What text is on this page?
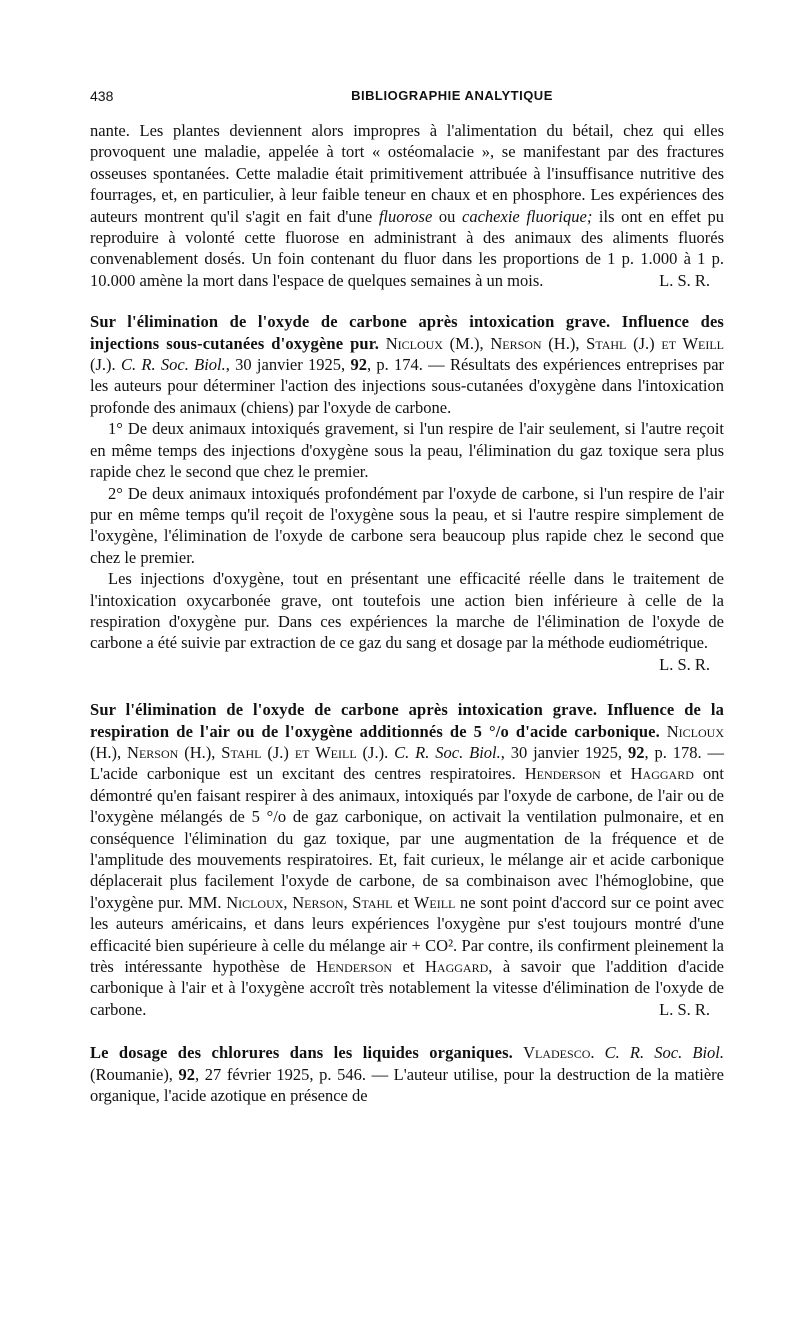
438	BIBLIOGRAPHIE ANALYTIQUE

nante. Les plantes deviennent alors impropres à l'alimentation du bétail, chez qui elles provoquent une maladie, appelée à tort « ostéomalacie », se manifestant par des fractures osseuses spontanées. Cette maladie était primitivement attribuée à l'insuffisance nutritive des fourrages, et, en particulier, à leur faible teneur en chaux et en phosphore. Les expériences des auteurs montrent qu'il s'agit en fait d'une fluorose ou cachexie fluorique; ils ont en effet pu reproduire à volonté cette fluorose en administrant à des animaux des aliments fluorés convenablement dosés. Un foin contenant du fluor dans les proportions de 1 p. 1.000 à 1 p. 10.000 amène la mort dans l'espace de quelques semaines à un mois.	L. S. R.

Sur l'élimination de l'oxyde de carbone après intoxication grave. Influence des injections sous-cutanées d'oxygène pur. Nicloux (M.), Nerson (H.), Stahl (J.) et Weill (J.). C. R. Soc. Biol., 30 janvier 1925, 92, p. 174. — Résultats des expériences entreprises par les auteurs pour déterminer l'action des injections sous-cutanées d'oxygène dans l'intoxication profonde des animaux (chiens) par l'oxyde de carbone.

1° De deux animaux intoxiqués gravement, si l'un respire de l'air seulement, si l'autre reçoit en même temps des injections d'oxygène sous la peau, l'élimination du gaz toxique sera plus rapide chez le second que chez le premier.

2° De deux animaux intoxiqués profondément par l'oxyde de carbone, si l'un respire de l'air pur en même temps qu'il reçoit de l'oxygène sous la peau, et si l'autre respire simplement de l'oxygène, l'élimination de l'oxyde de carbone sera beaucoup plus rapide chez le second que chez le premier.

Les injections d'oxygène, tout en présentant une efficacité réelle dans le traitement de l'intoxication oxycarbonée grave, ont toutefois une action bien inférieure à celle de la respiration d'oxygène pur. Dans ces expériences la marche de l'élimination de l'oxyde de carbone a été suivie par extraction de ce gaz du sang et dosage par la méthode eudiométrique.
L. S. R.

Sur l'élimination de l'oxyde de carbone après intoxication grave. Influence de la respiration de l'air ou de l'oxygène additionnés de 5 °/o d'acide carbonique. Nicloux (H.), Nerson (H.), Stahl (J.) et Weill (J.). C. R. Soc. Biol., 30 janvier 1925, 92, p. 178. — L'acide carbonique est un excitant des centres respiratoires. Henderson et Haggard ont démontré qu'en faisant respirer à des animaux, intoxiqués par l'oxyde de carbone, de l'air ou de l'oxygène mélangés de 5 °/o de gaz carbonique, on activait la ventilation pulmonaire, et en conséquence l'élimination du gaz toxique, par une augmentation de la fréquence et de l'amplitude des mouvements respiratoires. Et, fait curieux, le mélange air et acide carbonique déplacerait plus facilement l'oxyde de carbone, de sa combinaison avec l'hémoglobine, que l'oxygène pur. MM. Nicloux, Nerson, Stahl et Weill ne sont point d'accord sur ce point avec les auteurs américains, et dans leurs expériences l'oxygène pur s'est toujours montré d'une efficacité bien supérieure à celle du mélange air + CO². Par contre, ils confirment pleinement la très intéressante hypothèse de Henderson et Haggard, à savoir que l'addition d'acide carbonique à l'air et à l'oxygène accroît très notablement la vitesse d'élimination de l'oxyde de carbone.	L. S. R.

Le dosage des chlorures dans les liquides organiques. Vladesco. C. R. Soc. Biol. (Roumanie), 92, 27 février 1925, p. 546. — L'auteur utilise, pour la destruction de la matière organique, l'acide azotique en présence de
